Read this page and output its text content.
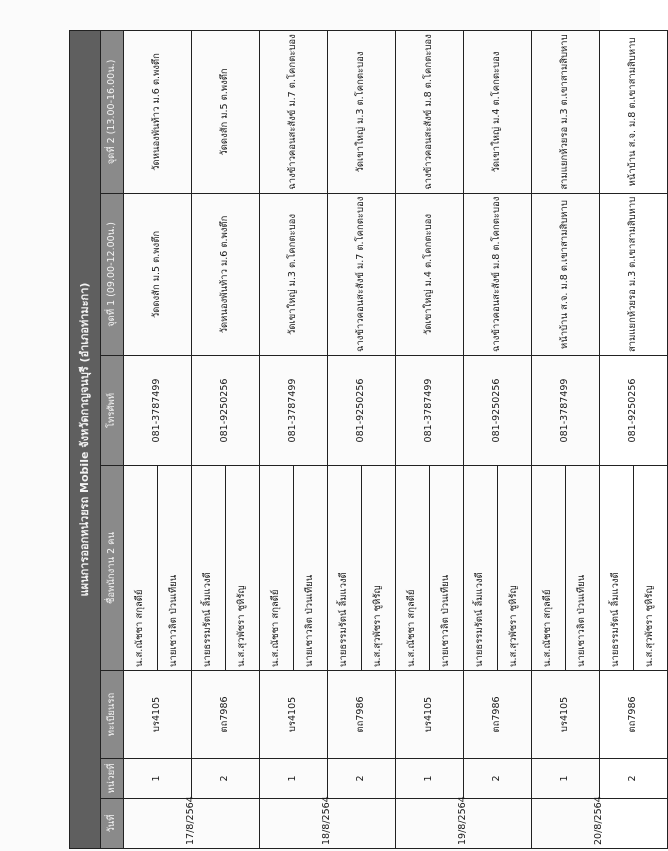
แผนการออกหน่วยรถ Mobile จังหวัดกาญจนบุรี (อำเภอท่ามะกา)						
วันที่	หน่วยที่	ทะเบียนรถ	ชื่อพนักงาน 2 คน	โทรศัพท์	จุดที่ 1 (09.00-12.00น.)	จุดที่ 2 (13.00-16.00น.)
17/8/2564	1	บร4105	น.ส.ณัชชา สกุลดีย์	081-3787499	วัดดงสัก ม.5 ต.พงตึก	วัดหนองพันท้าว ม.6 ต.พงตึก
			นายเชาวลิต ป่วนเทียน			
	2	ตถ7986	นายธรรมรัตน์ ลิ้มแวงดี	081-9250256	วัดหนองพันท้าว ม.6 ต.พงตึก	วัดดงสัก ม.5 ต.พงตึก
			น.ส.สุวพัชรา ชูหิรัญ			
18/8/2564	1	บร4105	น.ส.ณัชชา สกุลดีย์	081-3787499	วัดเขาใหญ่ ม.3 ต.โคกตะบอง	ฉางข้าวคอนสะสังข์ ม.7 ต.โคกตะบอง
			นายเชาวลิต ป่วนเทียน			
	2	ตถ7986	นายธรรมรัตน์ ลิ้มแวงดี	081-9250256	ฉางข้าวคอนสะสังข์ ม.7 ต.โคกตะบอง	วัดเขาใหญ่ ม.3 ต.โคกตะบอง
			น.ส.สุวพัชรา ชูหิรัญ			
19/8/2564	1	บร4105	น.ส.ณัชชา สกุลดีย์	081-3787499	วัดเขาใหญ่ ม.4 ต.โคกตะบอง	ฉางข้าวคอนสะสังข์ ม.8 ต.โคกตะบอง
			นายเชาวลิต ป่วนเทียน			
	2	ตถ7986	นายธรรมรัตน์ ลิ้มแวงดี	081-9250256	ฉางข้าวคอนสะสังข์ ม.8 ต.โคกตะบอง	วัดเขาใหญ่ ม.4 ต.โคกตะบอง
			น.ส.สุวพัชรา ชูหิรัญ			
20/8/2564	1	บร4105	น.ส.ณัชชา สกุลดีย์	081-3787499	หน้าบ้าน ส.จ. ม.8 ต.เขาสามสิบหาบ	สามแยกห้วยรอ ม.3 ต.เขาสามสิบหาบ
			นายเชาวลิต ป่วนเทียน			
	2	ตถ7986	นายธรรมรัตน์ ลิ้มแวงดี	081-9250256	สามแยกห้วยรอ ม.3 ต.เขาสามสิบหาบ	หน้าบ้าน ส.จ. ม.8 ต.เขาสามสิบหาบ
			น.ส.สุวพัชรา ชูหิรัญ			
